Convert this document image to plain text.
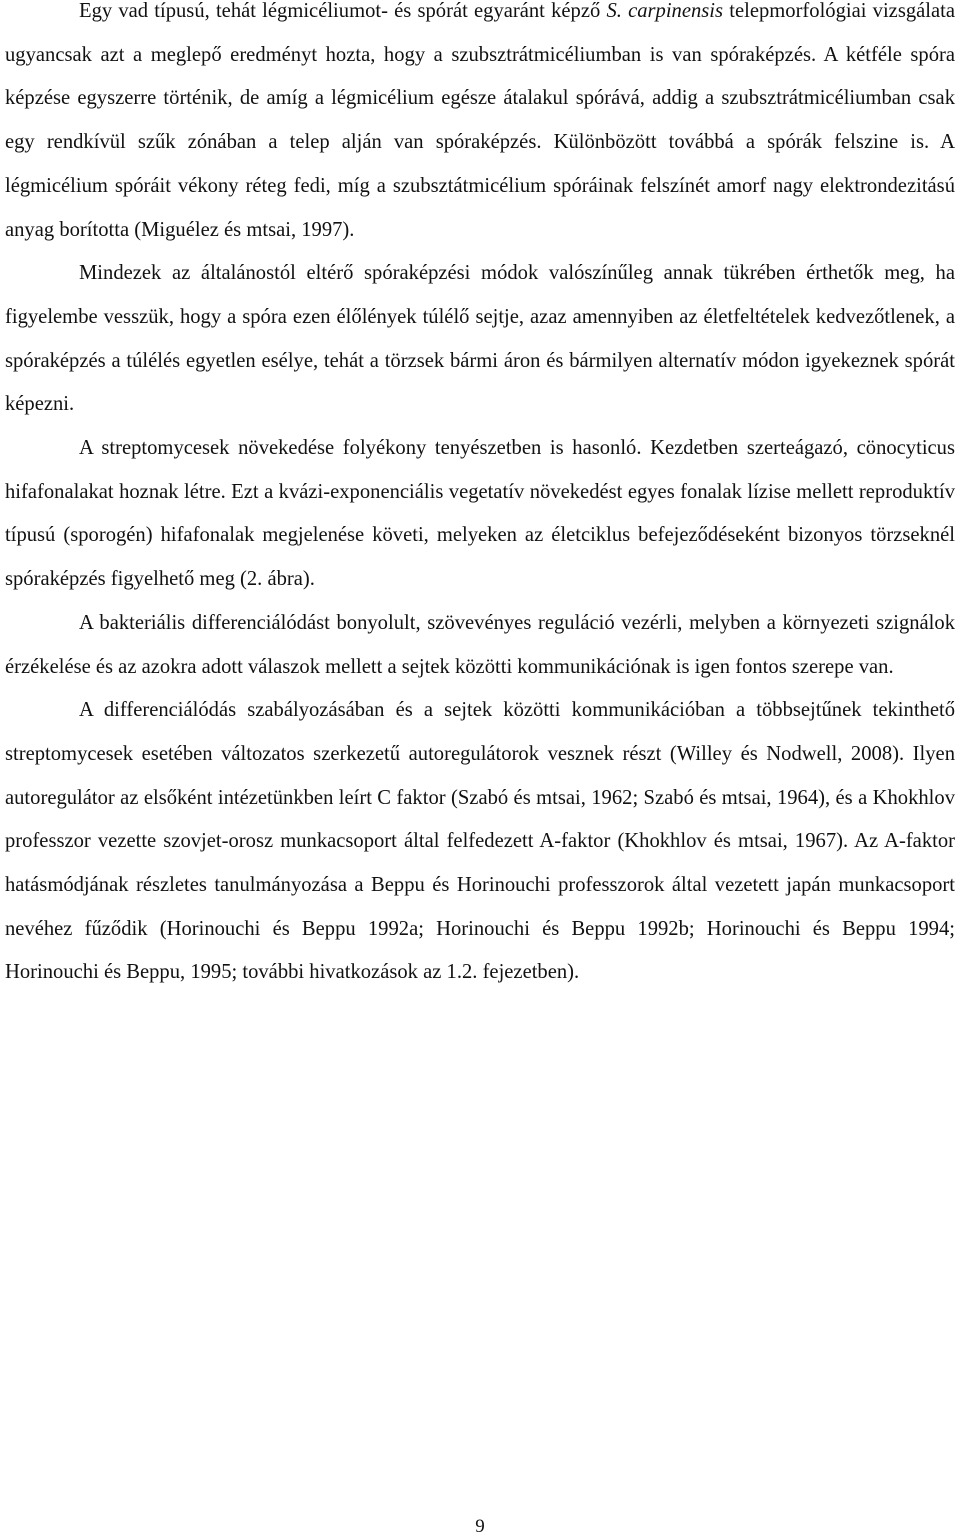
Egy vad típusú, tehát légmicéliumot- és spórát egyaránt képző S. carpinensis telepmorfológiai vizsgálata ugyancsak azt a meglepő eredményt hozta, hogy a szubsztrátmicéliumban is van spóraképzés. A kétféle spóra képzése egyszerre történik, de amíg a légmicélium egésze átalakul spórává, addig a szubsztrátmicéliumban csak egy rendkívül szűk zónában a telep alján van spóraképzés. Különbözött továbbá a spórák felszine is. A légmicélium spóráit vékony réteg fedi, míg a szubsztátmicélium spóráinak felszínét amorf nagy elektrondezitású anyag borította (Miguélez és mtsai, 1997).

Mindezek az általánostól eltérő spóraképzési módok valószínűleg annak tükrében érthetők meg, ha figyelembe vesszük, hogy a spóra ezen élőlények túlélő sejtje, azaz amennyiben az életfeltételek kedvezőtlenek, a spóraképzés a túlélés egyetlen esélye, tehát a törzsek bármi áron és bármilyen alternatív módon igyekeznek spórát képezni.

A streptomycesek növekedése folyékony tenyészetben is hasonló. Kezdetben szerteágazó, cönocyticus hifafonalakat hoznak létre. Ezt a kvázi-exponenciális vegetatív növekedést egyes fonalak lízise mellett reproduktív típusú (sporogén) hifafonalak megjelenése követi, melyeken az életciklus befejeződéseként bizonyos törzseknél spóraképzés figyelhető meg (2. ábra).

A bakteriális differenciálódást bonyolult, szövevényes reguláció vezérli, melyben a környezeti szignálok érzékelése és az azokra adott válaszok mellett a sejtek közötti kommunikációnak is igen fontos szerepe van.

A differenciálódás szabályozásában és a sejtek közötti kommunikációban a többsejtűnek tekinthető streptomycesek esetében változatos szerkezetű autoregulátorok vesznek részt (Willey és Nodwell, 2008). Ilyen autoregulátor az elsőként intézetünkben leírt C faktor (Szabó és mtsai, 1962; Szabó és mtsai, 1964), és a Khokhlov professzor vezette szovjet-orosz munkacsoport által felfedezett A-faktor (Khokhlov és mtsai, 1967). Az A-faktor hatásmódjának részletes tanulmányozása a Beppu és Horinouchi professzorok által vezetett japán munkacsoport nevéhez fűződik (Horinouchi és Beppu 1992a; Horinouchi és Beppu 1992b; Horinouchi és Beppu 1994; Horinouchi és Beppu, 1995; további hivatkozások az 1.2. fejezetben).

9
